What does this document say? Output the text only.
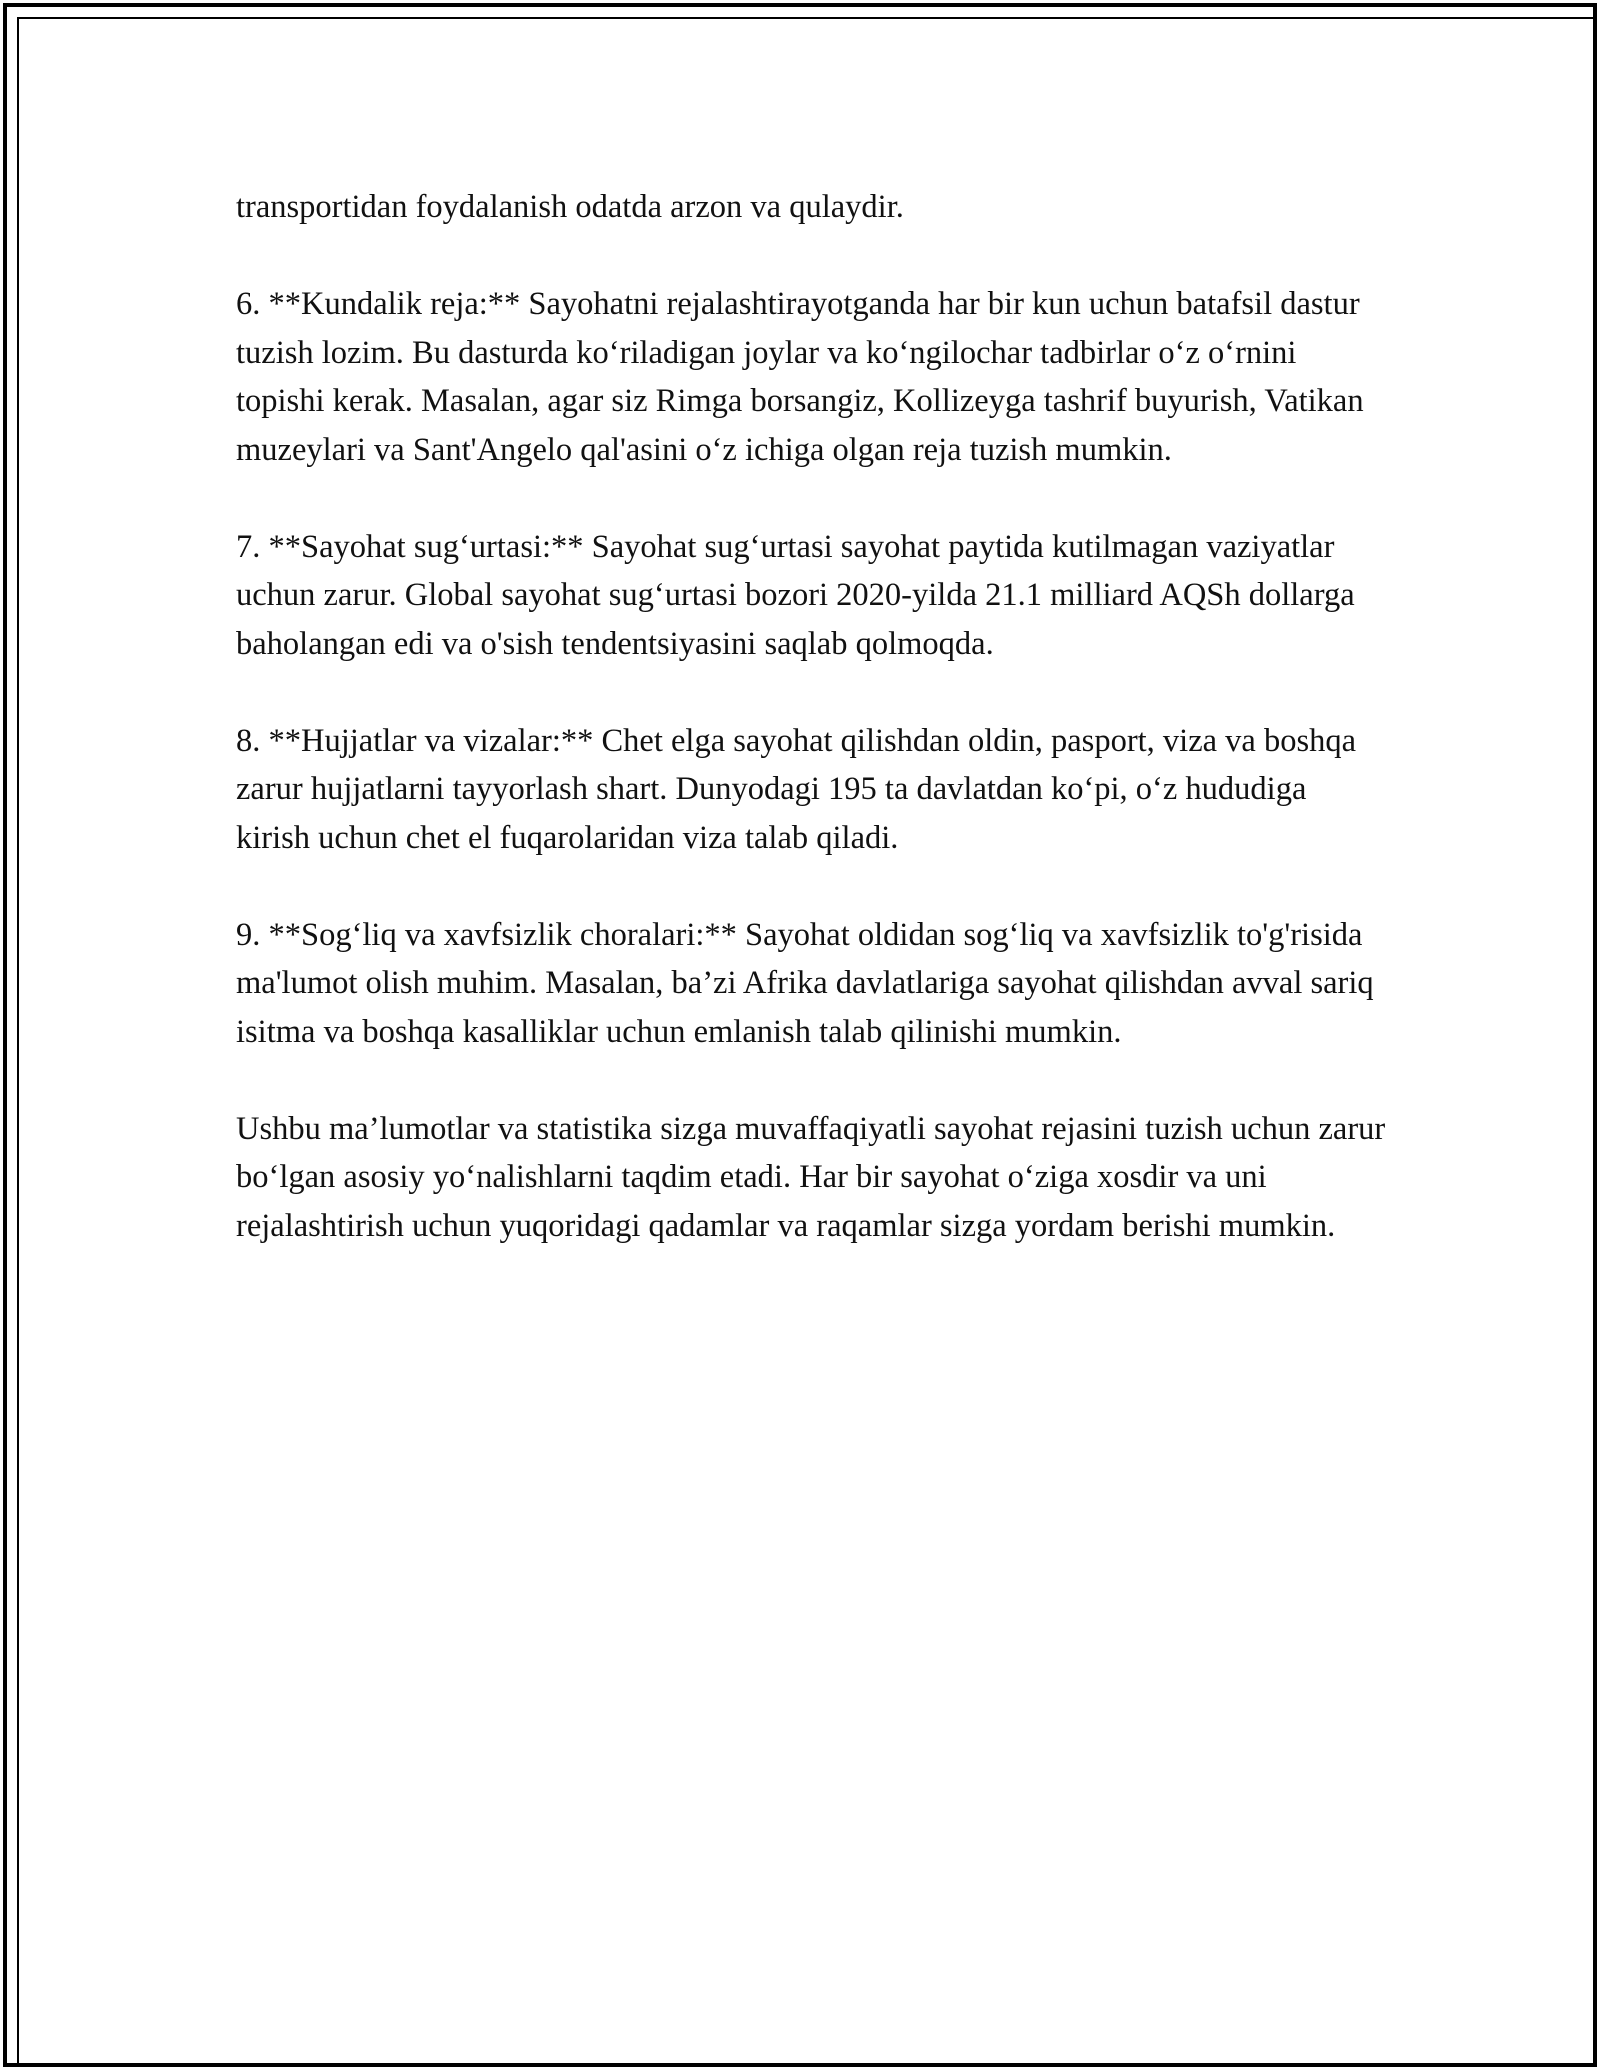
transportidan foydalanish odatda arzon va qulaydir.

6. **Kundalik reja:** Sayohatni rejalashtirayotganda har bir kun uchun batafsil dastur tuzish lozim. Bu dasturda ko‘riladigan joylar va ko‘ngilochar tadbirlar o‘z o‘rnini topishi kerak. Masalan, agar siz Rimga borsangiz, Kollizeyga tashrif buyurish, Vatikan muzeylari va Sant'Angelo qal'asini o‘z ichiga olgan reja tuzish mumkin.

7. **Sayohat sug‘urtasi:** Sayohat sug‘urtasi sayohat paytida kutilmagan vaziyatlar uchun zarur. Global sayohat sug‘urtasi bozori 2020-yilda 21.1 milliard AQSh dollarga baholangan edi va o'sish tendentsiyasini saqlab qolmoqda.

8. **Hujjatlar va vizalar:** Chet elga sayohat qilishdan oldin, pasport, viza va boshqa zarur hujjatlarni tayyorlash shart. Dunyodagi 195 ta davlatdan ko‘pi, o‘z hududiga kirish uchun chet el fuqarolaridan viza talab qiladi.

9. **Sog‘liq va xavfsizlik choralari:** Sayohat oldidan sog‘liq va xavfsizlik to'g'risida ma'lumot olish muhim. Masalan, ba’zi Afrika davlatlariga sayohat qilishdan avval sariq isitma va boshqa kasalliklar uchun emlanish talab qilinishi mumkin.

Ushbu ma’lumotlar va statistika sizga muvaffaqiyatli sayohat rejasini tuzish uchun zarur bo‘lgan asosiy yo‘nalishlarni taqdim etadi. Har bir sayohat o‘ziga xosdir va uni rejalashtirish uchun yuqoridagi qadamlar va raqamlar sizga yordam berishi mumkin.
